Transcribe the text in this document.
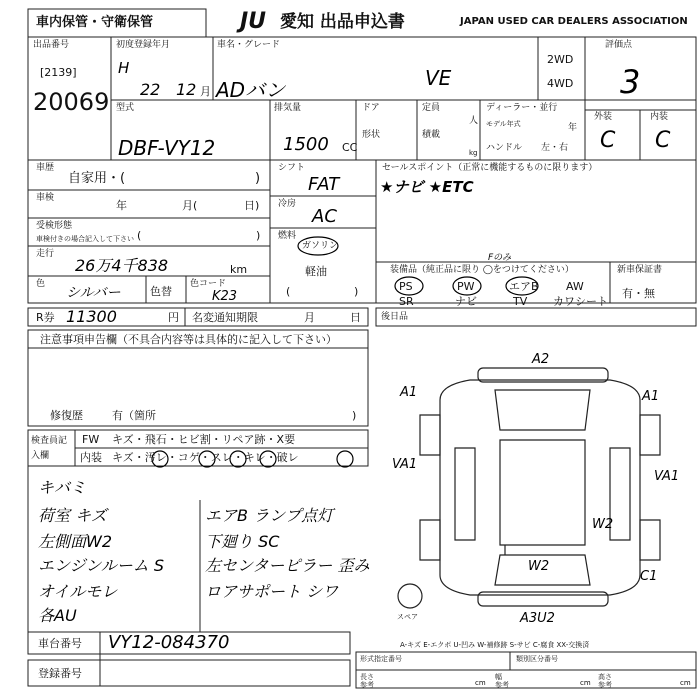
車内保管・守衛保管	JU 愛知 出品申込書	JAPAN USED CAR DEALERS ASSOCIATION
出品番号
[2139]
20069
初度登録年月
H
22 12 月
車名・グレード
ADバン	VE
2WD
4WD
評価点
3
外装	内装
C C
型式
DBF-VY12
排気量
1500 CC
ドア
形状
定員
人
積載
kg
ディーラー・並行
モデル年式	年
ハンドル 左・右
車歴
自家用・(	)
車検
年	月(	日)
受検形態
車検付きの場合記入して下さい (	)
走行
26万4千838	km
色
シルバー	色替
色コード
K23
シフト
FAT
冷房
AC
燃料
ガソリン
軽油
(	)
セールスポイント（正常に機能するものに限ります）
★ナビ ★ETC
Fのみ
装備品（純正品に限り ◯をつけてください）
PS	PW	エアB AW
SR	ナビ	TV カワシート
新車保証書
有・無
R券 11300	円 名変通知期限	月	日 後日品
注意事項申告欄（不具合内容等は具体的に記入して下さい）
修復歴	有（箇所	)
検査員記入欄
FW キズ・飛石・ヒビ割・リペア跡・X要
内装 キズ・汚レ・コゲ・スレ・キレ・破レ
キバミ
荷室 キズ
左側面W2
エンジンルーム S
オイルモレ
各AU
エアB ランプ点灯
下廻り SC
左センターピラー 歪み
ロアサポート シワ
A2
A1	A1
VA1
VA1
W2
W2
C1
A3U2
スペア
A-キズ E-エクボ U-凹み W-補修跡 S-サビ C-腐食 XX-交換済
車台番号 VY12-084370
登録番号
形式指定番号	類別区分番号
長さ
参考	cm
幅
参考	cm
高さ
参考	cm
